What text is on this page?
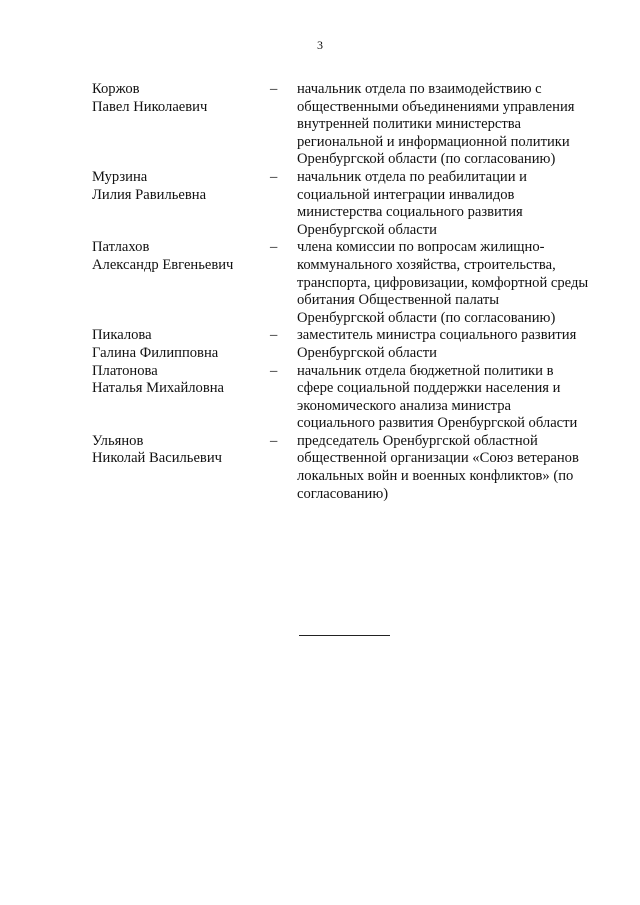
3
Коржов
Павел Николаевич
–	начальник отдела по взаимодействию с
общественными объединениями управления
внутренней политики министерства
региональной и информационной политики
Оренбургской области (по согласованию)
Мурзина
Лилия Равильевна
–	начальник отдела по реабилитации и
социальной интеграции инвалидов
министерства социального развития
Оренбургской области
Патлахов
Александр Евгеньевич
–	члена комиссии по вопросам жилищно-
коммунального хозяйства, строительства,
транспорта, цифровизации, комфортной среды
обитания Общественной палаты
Оренбургской области (по согласованию)
Пикалова
Галина Филипповна
–	заместитель министра социального развития
Оренбургской области
Платонова
Наталья Михайловна
–	начальник отдела бюджетной политики в
сфере социальной поддержки населения и
экономического анализа министра
социального развития Оренбургской области
Ульянов
Николай Васильевич
–	председатель Оренбургской областной
общественной организации «Союз ветеранов
локальных войн и военных конфликтов» (по
согласованию)
